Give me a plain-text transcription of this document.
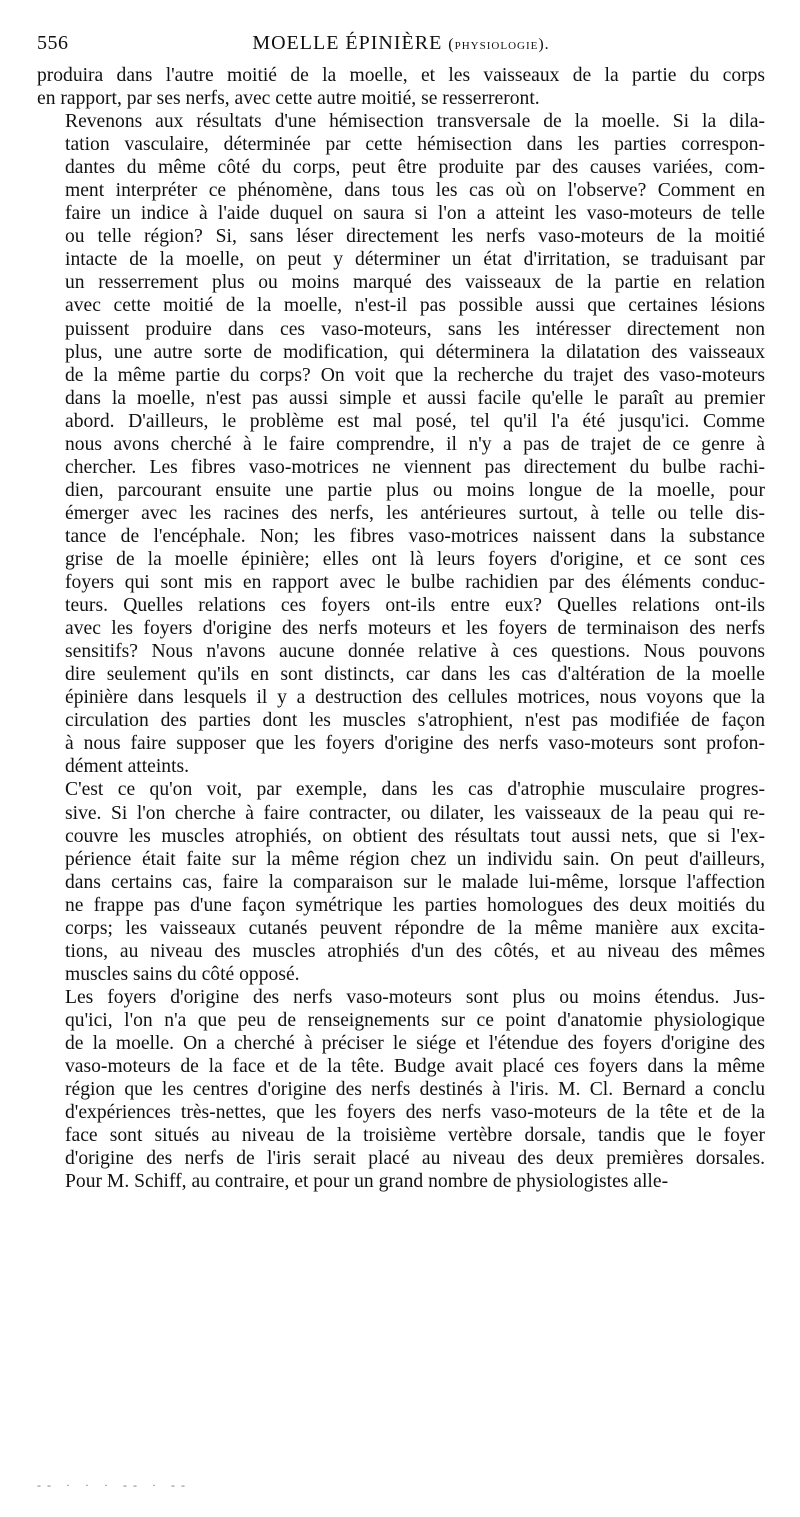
556	MOELLE ÉPINIÈRE (physiologie).

produira dans l'autre moitié de la moelle, et les vaisseaux de la partie du corps
en rapport, par ses nerfs, avec cette autre moitié, se resserreront.

Revenons aux résultats d'une hémisection transversale de la moelle. Si la dila-
tation vasculaire, déterminée par cette hémisection dans les parties correspon-
dantes du même côté du corps, peut être produite par des causes variées, com-
ment interpréter ce phénomène, dans tous les cas où on l'observe? Comment en
faire un indice à l'aide duquel on saura si l'on a atteint les vaso-moteurs de telle
ou telle région? Si, sans léser directement les nerfs vaso-moteurs de la moitié
intacte de la moelle, on peut y déterminer un état d'irritation, se traduisant par
un resserrement plus ou moins marqué des vaisseaux de la partie en relation
avec cette moitié de la moelle, n'est-il pas possible aussi que certaines lésions
puissent produire dans ces vaso-moteurs, sans les intéresser directement non
plus, une autre sorte de modification, qui déterminera la dilatation des vaisseaux
de la même partie du corps? On voit que la recherche du trajet des vaso-moteurs
dans la moelle, n'est pas aussi simple et aussi facile qu'elle le paraît au premier
abord. D'ailleurs, le problème est mal posé, tel qu'il l'a été jusqu'ici. Comme
nous avons cherché à le faire comprendre, il n'y a pas de trajet de ce genre à
chercher. Les fibres vaso-motrices ne viennent pas directement du bulbe rachi-
dien, parcourant ensuite une partie plus ou moins longue de la moelle, pour
émerger avec les racines des nerfs, les antérieures surtout, à telle ou telle dis-
tance de l'encéphale. Non; les fibres vaso-motrices naissent dans la substance
grise de la moelle épinière; elles ont là leurs foyers d'origine, et ce sont ces
foyers qui sont mis en rapport avec le bulbe rachidien par des éléments conduc-
teurs. Quelles relations ces foyers ont-ils entre eux? Quelles relations ont-ils
avec les foyers d'origine des nerfs moteurs et les foyers de terminaison des nerfs
sensitifs? Nous n'avons aucune donnée relative à ces questions. Nous pouvons
dire seulement qu'ils en sont distincts, car dans les cas d'altération de la moelle
épinière dans lesquels il y a destruction des cellules motrices, nous voyons que la
circulation des parties dont les muscles s'atrophient, n'est pas modifiée de façon
à nous faire supposer que les foyers d'origine des nerfs vaso-moteurs sont profon-
dément atteints.

C'est ce qu'on voit, par exemple, dans les cas d'atrophie musculaire progres-
sive. Si l'on cherche à faire contracter, ou dilater, les vaisseaux de la peau qui re-
couvre les muscles atrophiés, on obtient des résultats tout aussi nets, que si l'ex-
périence était faite sur la même région chez un individu sain. On peut d'ailleurs,
dans certains cas, faire la comparaison sur le malade lui-même, lorsque l'affection
ne frappe pas d'une façon symétrique les parties homologues des deux moitiés du
corps; les vaisseaux cutanés peuvent répondre de la même manière aux excita-
tions, au niveau des muscles atrophiés d'un des côtés, et au niveau des mêmes
muscles sains du côté opposé.

Les foyers d'origine des nerfs vaso-moteurs sont plus ou moins étendus. Jus-
qu'ici, l'on n'a que peu de renseignements sur ce point d'anatomie physiologique
de la moelle. On a cherché à préciser le siége et l'étendue des foyers d'origine des
vaso-moteurs de la face et de la tête. Budge avait placé ces foyers dans la même
région que les centres d'origine des nerfs destinés à l'iris. M. Cl. Bernard a conclu
d'expériences très-nettes, que les foyers des nerfs vaso-moteurs de la tête et de la
face sont situés au niveau de la troisième vertèbre dorsale, tandis que le foyer
d'origine des nerfs de l'iris serait placé au niveau des deux premières dorsales.
Pour M. Schiff, au contraire, et pour un grand nombre de physiologistes alle-

-- · · · -- · --
